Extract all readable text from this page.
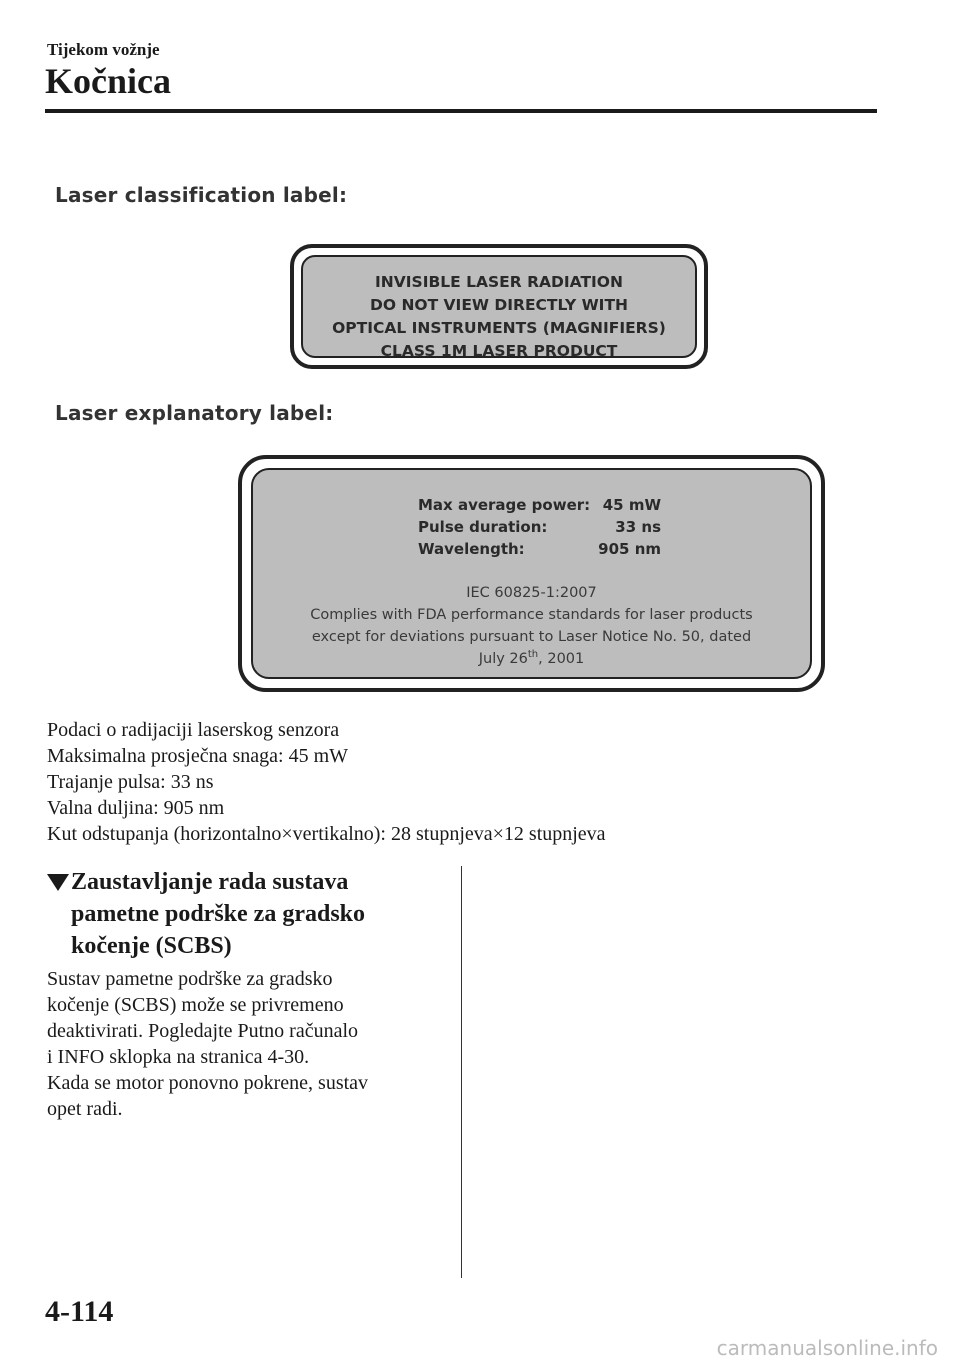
Tijekom vožnje
Kočnica
Laser classification label:
INVISIBLE LASER RADIATION
DO NOT VIEW DIRECTLY WITH
OPTICAL INSTRUMENTS (MAGNIFIERS)
CLASS 1M LASER PRODUCT
Laser explanatory label:
Max average power: 45 mW
Pulse duration:	33 ns
Wavelength:	905 nm
IEC 60825-1:2007
Complies with FDA performance standards for laser products
except for deviations pursuant to Laser Notice No. 50, dated
July 26th, 2001
Podaci o radijaciji laserskog senzora
Maksimalna prosječna snaga: 45 mW
Trajanje pulsa: 33 ns
Valna duljina: 905 nm
Kut odstupanja (horizontalno×vertikalno): 28 stupnjeva×12 stupnjeva
Zaustavljanje rada sustava
pametne podrške za gradsko
kočenje (SCBS)
Sustav pametne podrške za gradsko
kočenje (SCBS) može se privremeno
deaktivirati. Pogledajte Putno računalo
i INFO sklopka na stranica 4-30.
Kada se motor ponovno pokrene, sustav
opet radi.
4-114
carmanualsonline.info
